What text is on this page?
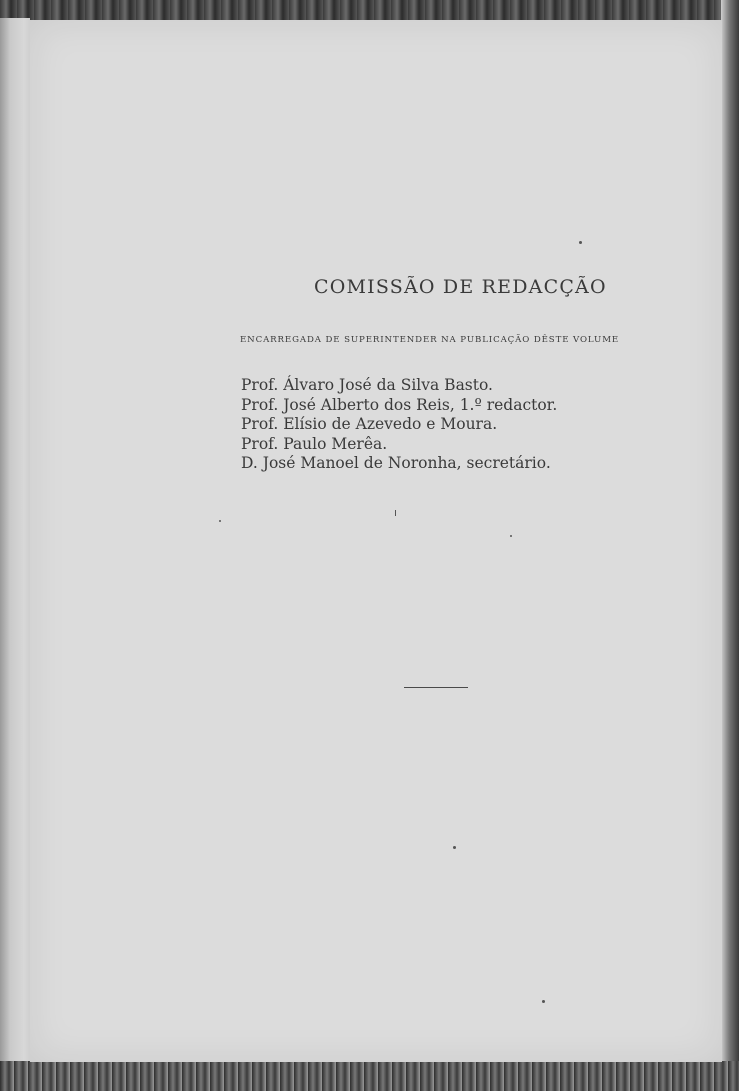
COMISSÃO DE REDACÇÃO

ENCARREGADA DE SUPERINTENDER NA PUBLICAÇÃO DÊSTE VOLUME

Prof. Álvaro José da Silva Basto.
Prof. José Alberto dos Reis, 1.º redactor.
Prof. Elísio de Azevedo e Moura.
Prof. Paulo Merêa.
D. José Manoel de Noronha, secretário.
